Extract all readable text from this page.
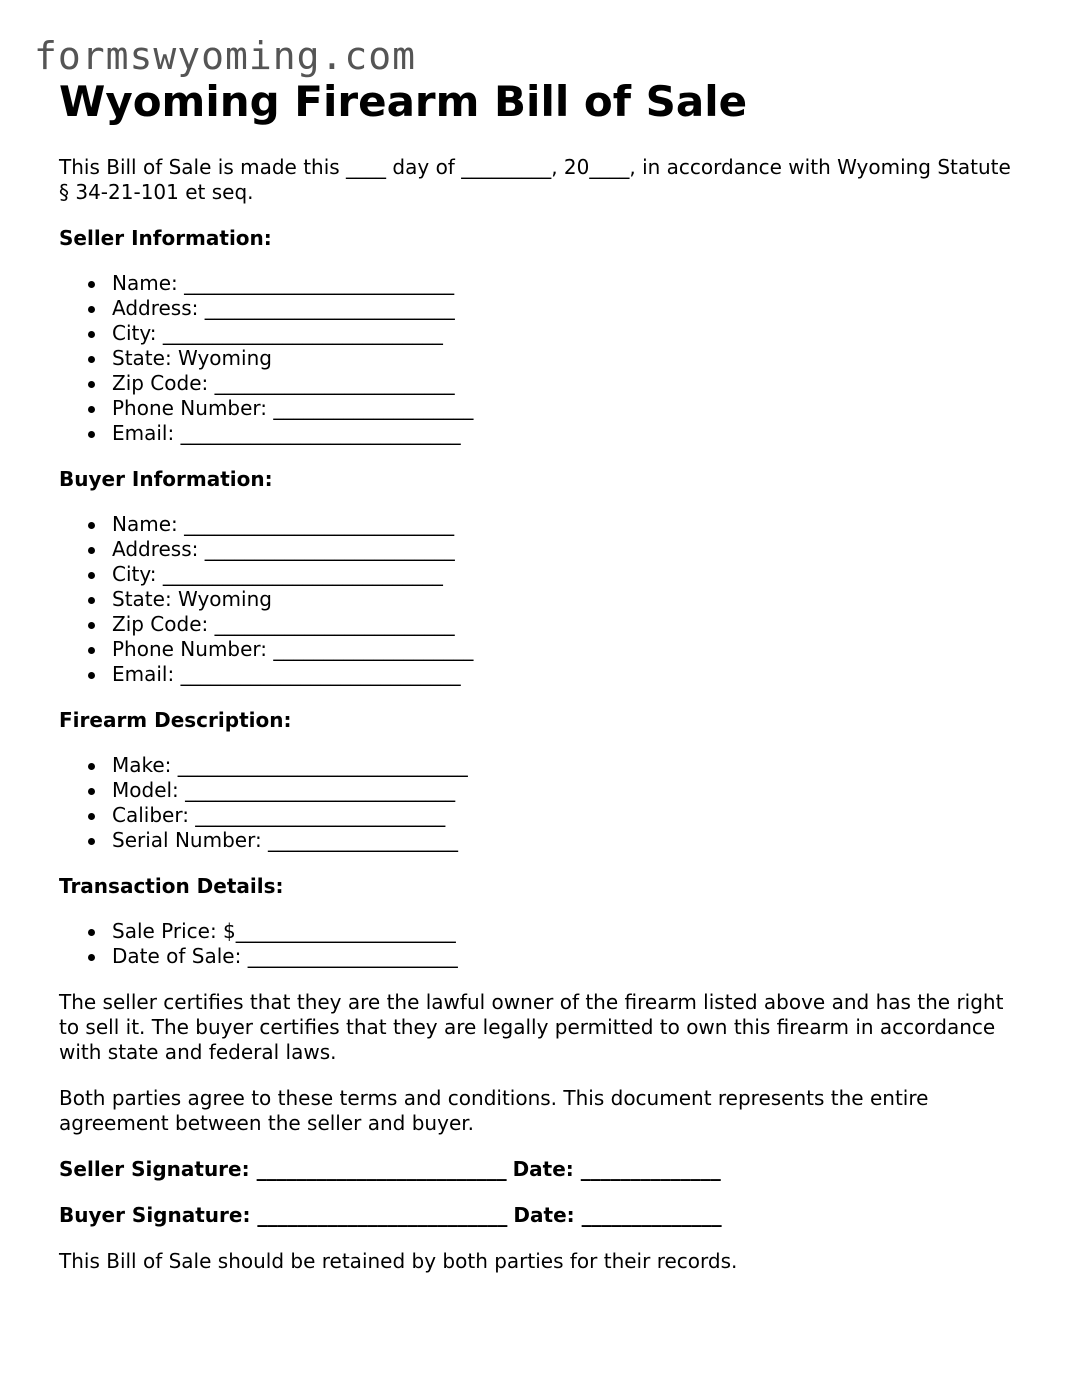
formswyoming.com
Wyoming Firearm Bill of Sale

This Bill of Sale is made this ____ day of _________, 20____, in accordance with Wyoming Statute § 34-21-101 et seq.

Seller Information:

Name: ___________________________
Address: _________________________
City: ____________________________
State: Wyoming
Zip Code: ________________________
Phone Number: ____________________
Email: ____________________________

Buyer Information:

Name: ___________________________
Address: _________________________
City: ____________________________
State: Wyoming
Zip Code: ________________________
Phone Number: ____________________
Email: ____________________________

Firearm Description:

Make: _____________________________
Model: ___________________________
Caliber: _________________________
Serial Number: ___________________

Transaction Details:

Sale Price: $______________________
Date of Sale: _____________________

The seller certifies that they are the lawful owner of the firearm listed above and has the right to sell it. The buyer certifies that they are legally permitted to own this firearm in accordance with state and federal laws.

Both parties agree to these terms and conditions. This document represents the entire agreement between the seller and buyer.

Seller Signature: _________________________ Date: ______________

Buyer Signature: _________________________ Date: ______________

This Bill of Sale should be retained by both parties for their records.
